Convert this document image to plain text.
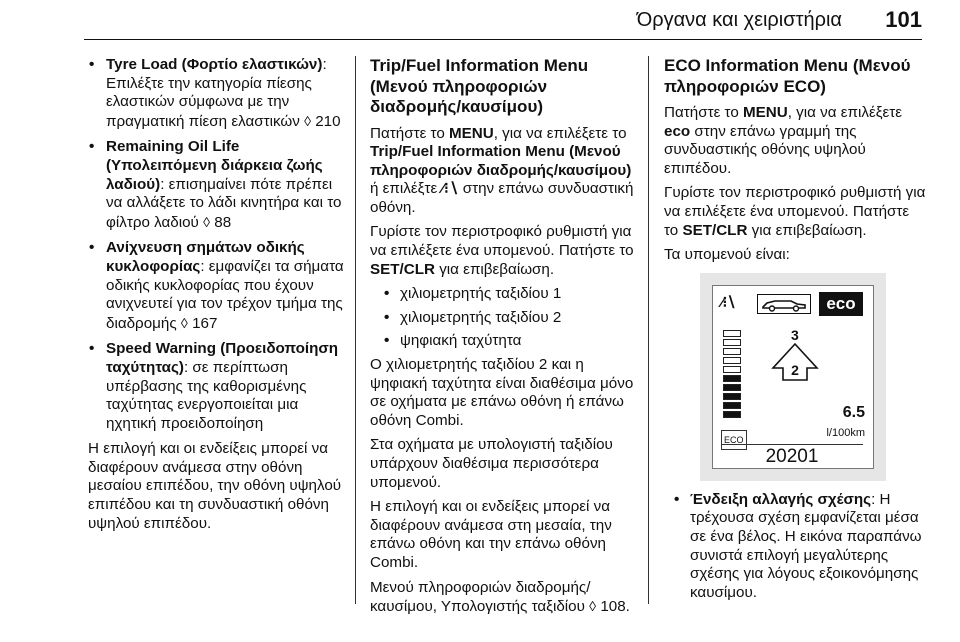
Όργανα και χειριστήρια 101
• Tyre Load (Φορτίο ελαστικών): Επιλέξτε την κατηγορία πίεσης ελαστικών σύμφωνα με την πραγματική πίεση ελαστικών ◊ 210
• Remaining Oil Life (Υπολειπόμενη διάρκεια ζωής λαδιού): επισημαίνει πότε πρέπει να αλλάξετε το λάδι κινητήρα και το φίλτρο λαδιού ◊ 88
• Ανίχνευση σημάτων οδικής κυκλοφορίας: εμφανίζει τα σήματα οδικής κυκλοφορίας που έχουν ανιχνευτεί για τον τρέχον τμήμα της διαδρομής ◊ 167
• Speed Warning (Προειδοποίηση ταχύτητας): σε περίπτωση υπέρβασης της καθορισμένης ταχύτητας ενεργοποιείται μια ηχητική προειδοποίηση

Η επιλογή και οι ενδείξεις μπορεί να διαφέρουν ανάμεσα στην οθόνη μεσαίου επιπέδου, την οθόνη υψηλού επιπέδου και τη συνδυαστική οθόνη υψηλού επιπέδου.

Trip/Fuel Information Menu (Μενού πληροφοριών διαδρομής/καυσίμου)

Πατήστε το MENU, για να επιλέξετε το Trip/Fuel Information Menu (Μενού πληροφοριών διαδρομής/καυσίμου) ή επιλέξτε ⁄⁝∖ στην επάνω συνδυαστική οθόνη.

Γυρίστε τον περιστροφικό ρυθμιστή για να επιλέξετε ένα υπομενού. Πατήστε το SET/CLR για επιβεβαίωση.

• χιλιομετρητής ταξιδίου 1
• χιλιομετρητής ταξιδίου 2
• ψηφιακή ταχύτητα

Ο χιλιομετρητής ταξιδίου 2 και η ψηφιακή ταχύτητα είναι διαθέσιμα μόνο σε οχήματα με επάνω οθόνη ή επάνω οθόνη Combi.

Στα οχήματα με υπολογιστή ταξιδίου υπάρχουν διαθέσιμα περισσότερα υπομενού.

Η επιλογή και οι ενδείξεις μπορεί να διαφέρουν ανάμεσα στη μεσαία, την επάνω οθόνη και την επάνω οθόνη Combi.

Μενού πληροφοριών διαδρομής/καυσίμου, Υπολογιστής ταξιδίου ◊ 108.

ECO Information Menu (Μενού πληροφοριών ECO)

Πατήστε το MENU, για να επιλέξετε eco στην επάνω γραμμή της συνδυαστικής οθόνης υψηλού επιπέδου.

Γυρίστε τον περιστροφικό ρυθμιστή για να επιλέξετε ένα υπομενού. Πατήστε το SET/CLR για επιβεβαίωση.

Τα υπομενού είναι:

⁄⁝∖	eco
ECO
3
2
6.5
l/100km
20201
• Ένδειξη αλλαγής σχέσης: Η τρέχουσα σχέση εμφανίζεται μέσα σε ένα βέλος. Η εικόνα παραπάνω συνιστά επιλογή μεγαλύτερης σχέσης για λόγους εξοικονόμησης καυσίμου.
